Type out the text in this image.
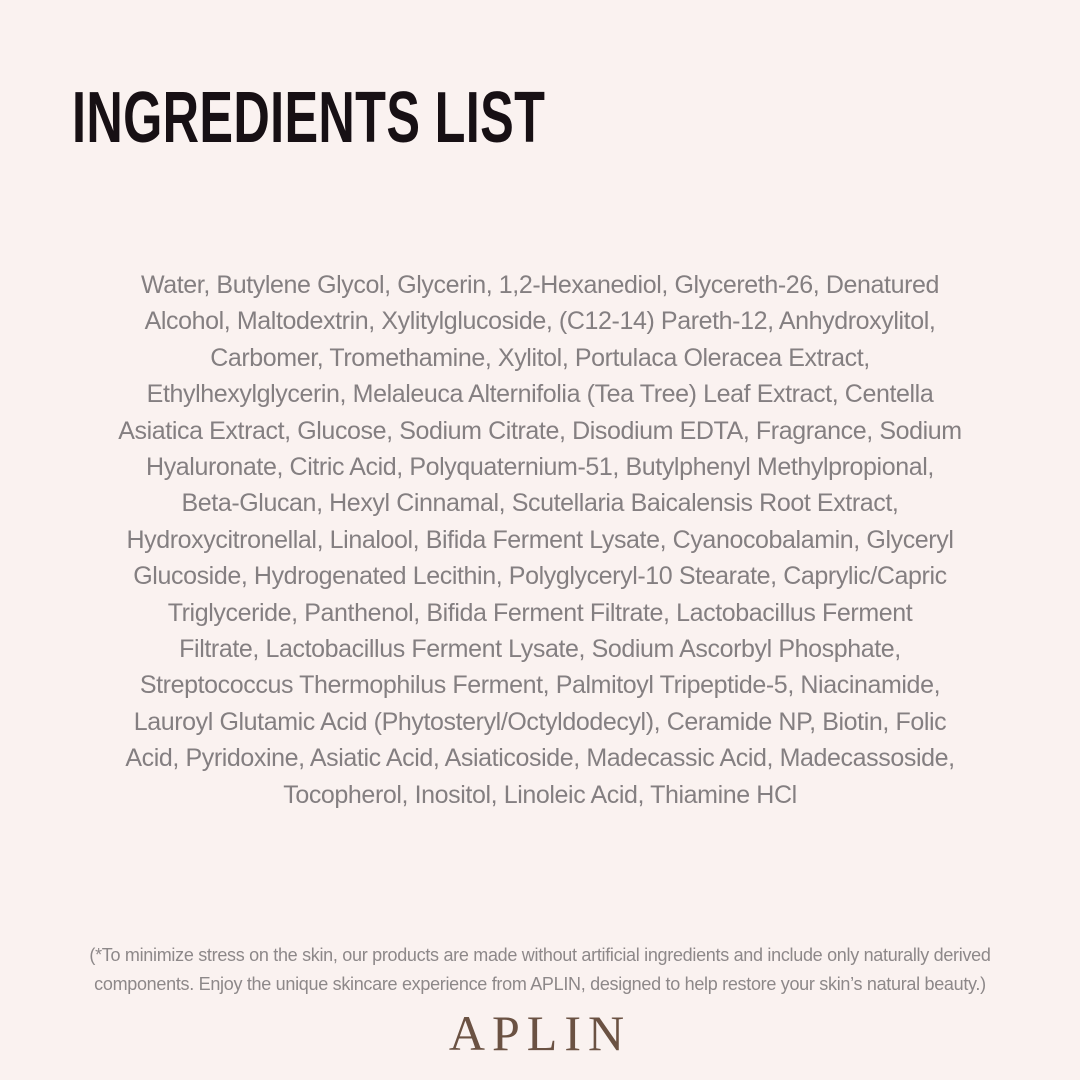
INGREDIENTS LIST
Water, Butylene Glycol, Glycerin, 1,2-Hexanediol, Glycereth-26, Denatured
Alcohol, Maltodextrin, Xylitylglucoside, (C12-14) Pareth-12, Anhydroxylitol,
Carbomer, Tromethamine, Xylitol, Portulaca Oleracea Extract,
Ethylhexylglycerin, Melaleuca Alternifolia (Tea Tree) Leaf Extract, Centella
Asiatica Extract, Glucose, Sodium Citrate, Disodium EDTA, Fragrance, Sodium
Hyaluronate, Citric Acid, Polyquaternium-51, Butylphenyl Methylpropional,
Beta-Glucan, Hexyl Cinnamal, Scutellaria Baicalensis Root Extract,
Hydroxycitronellal, Linalool, Bifida Ferment Lysate, Cyanocobalamin, Glyceryl
Glucoside, Hydrogenated Lecithin, Polyglyceryl-10 Stearate, Caprylic/Capric
Triglyceride, Panthenol, Bifida Ferment Filtrate, Lactobacillus Ferment
Filtrate, Lactobacillus Ferment Lysate, Sodium Ascorbyl Phosphate,
Streptococcus Thermophilus Ferment, Palmitoyl Tripeptide-5, Niacinamide,
Lauroyl Glutamic Acid (Phytosteryl/Octyldodecyl), Ceramide NP, Biotin, Folic
Acid, Pyridoxine, Asiatic Acid, Asiaticoside, Madecassic Acid, Madecassoside,
Tocopherol, Inositol, Linoleic Acid, Thiamine HCl
(*To minimize stress on the skin, our products are made without artificial ingredients and include only naturally derived
components. Enjoy the unique skincare experience from APLIN, designed to help restore your skin’s natural beauty.)
APLIN
